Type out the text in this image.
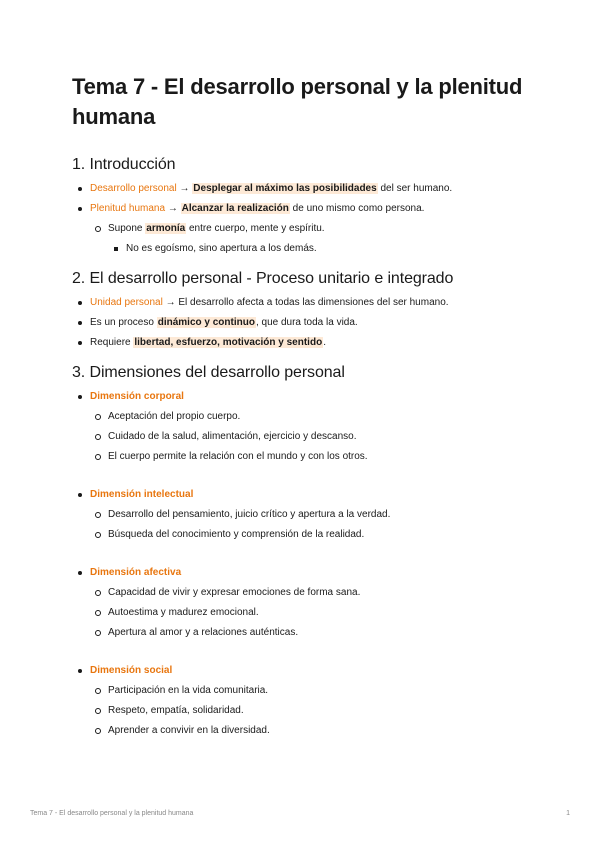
Tema 7 - El desarrollo personal y la plenitud humana
1. Introducción
Desarrollo personal → Desplegar al máximo las posibilidades del ser humano.
Plenitud humana → Alcanzar la realización de uno mismo como persona.
Supone armonía entre cuerpo, mente y espíritu.
No es egoísmo, sino apertura a los demás.
2. El desarrollo personal - Proceso unitario e integrado
Unidad personal → El desarrollo afecta a todas las dimensiones del ser humano.
Es un proceso dinámico y continuo, que dura toda la vida.
Requiere libertad, esfuerzo, motivación y sentido.
3. Dimensiones del desarrollo personal
Dimensión corporal
Aceptación del propio cuerpo.
Cuidado de la salud, alimentación, ejercicio y descanso.
El cuerpo permite la relación con el mundo y con los otros.
Dimensión intelectual
Desarrollo del pensamiento, juicio crítico y apertura a la verdad.
Búsqueda del conocimiento y comprensión de la realidad.
Dimensión afectiva
Capacidad de vivir y expresar emociones de forma sana.
Autoestima y madurez emocional.
Apertura al amor y a relaciones auténticas.
Dimensión social
Participación en la vida comunitaria.
Respeto, empatía, solidaridad.
Aprender a convivir en la diversidad.
Tema 7 - El desarrollo personal y la plenitud humana	1
